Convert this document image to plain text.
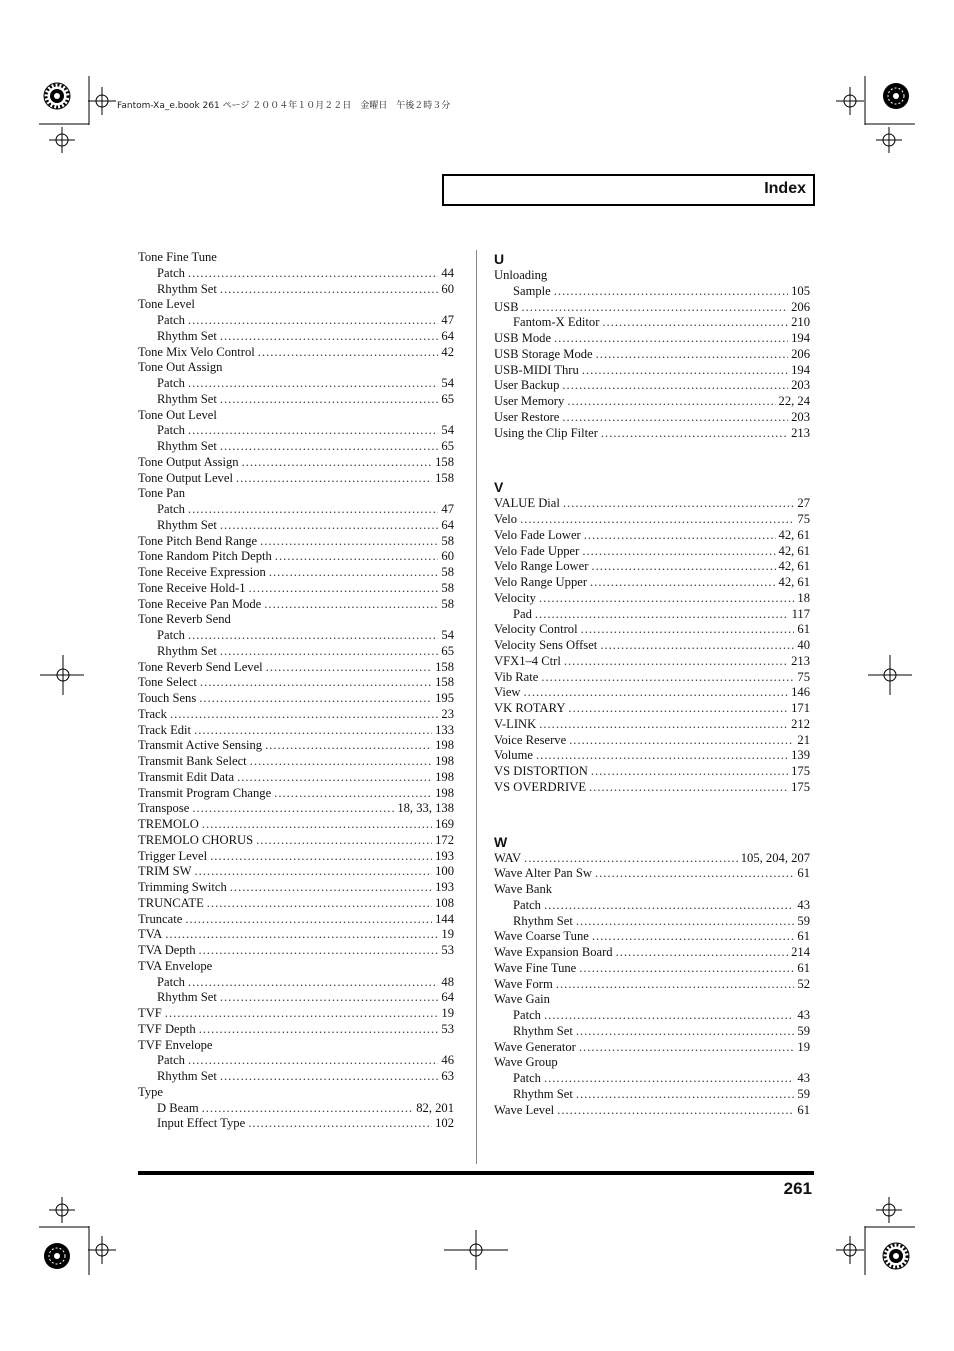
Fantom-Xa_e.book 261 ページ ２００４年１０月２２日　金曜日　午後２時３分
Index
Tone Fine Tune
Patch .....	44
Rhythm Set .....	60
Tone Level
Patch .....	47
Rhythm Set .....	64
Tone Mix Velo Control .....	42
Tone Out Assign
Patch .....	54
Rhythm Set .....	65
Tone Out Level
Patch .....	54
Rhythm Set .....	65
Tone Output Assign .....	158
Tone Output Level .....	158
Tone Pan
Patch .....	47
Rhythm Set .....	64
Tone Pitch Bend Range .....	58
Tone Random Pitch Depth .....	60
Tone Receive Expression .....	58
Tone Receive Hold-1 .....	58
Tone Receive Pan Mode .....	58
Tone Reverb Send
Patch .....	54
Rhythm Set .....	65
Tone Reverb Send Level .....	158
Tone Select .....	158
Touch Sens .....	195
Track .....	23
Track Edit .....	133
Transmit Active Sensing .....	198
Transmit Bank Select .....	198
Transmit Edit Data .....	198
Transmit Program Change .....	198
Transpose .....	18, 33, 138
TREMOLO .....	169
TREMOLO CHORUS .....	172
Trigger Level .....	193
TRIM SW .....	100
Trimming Switch .....	193
TRUNCATE .....	108
Truncate .....	144
TVA .....	19
TVA Depth .....	53
TVA Envelope
Patch .....	48
Rhythm Set .....	64
TVF .....	19
TVF Depth .....	53
TVF Envelope
Patch .....	46
Rhythm Set .....	63
Type
D Beam .....	82, 201
Input Effect Type .....	102
U
Unloading
Sample .....	105
USB .....	206
Fantom-X Editor .....	210
USB Mode .....	194
USB Storage Mode .....	206
USB-MIDI Thru .....	194
User Backup .....	203
User Memory .....	22, 24
User Restore .....	203
Using the Clip Filter .....	213
V
VALUE Dial .....	27
Velo .....	75
Velo Fade Lower .....	42, 61
Velo Fade Upper .....	42, 61
Velo Range Lower .....	42, 61
Velo Range Upper .....	42, 61
Velocity .....	18
Pad .....	117
Velocity Control .....	61
Velocity Sens Offset .....	40
VFX1–4 Ctrl .....	213
Vib Rate .....	75
View .....	146
VK ROTARY .....	171
V-LINK .....	212
Voice Reserve .....	21
Volume .....	139
VS DISTORTION .....	175
VS OVERDRIVE .....	175
W
WAV .....	105, 204, 207
Wave Alter Pan Sw .....	61
Wave Bank
Patch .....	43
Rhythm Set .....	59
Wave Coarse Tune .....	61
Wave Expansion Board .....	214
Wave Fine Tune .....	61
Wave Form .....	52
Wave Gain
Patch .....	43
Rhythm Set .....	59
Wave Generator .....	19
Wave Group
Patch .....	43
Rhythm Set .....	59
Wave Level .....	61
261
